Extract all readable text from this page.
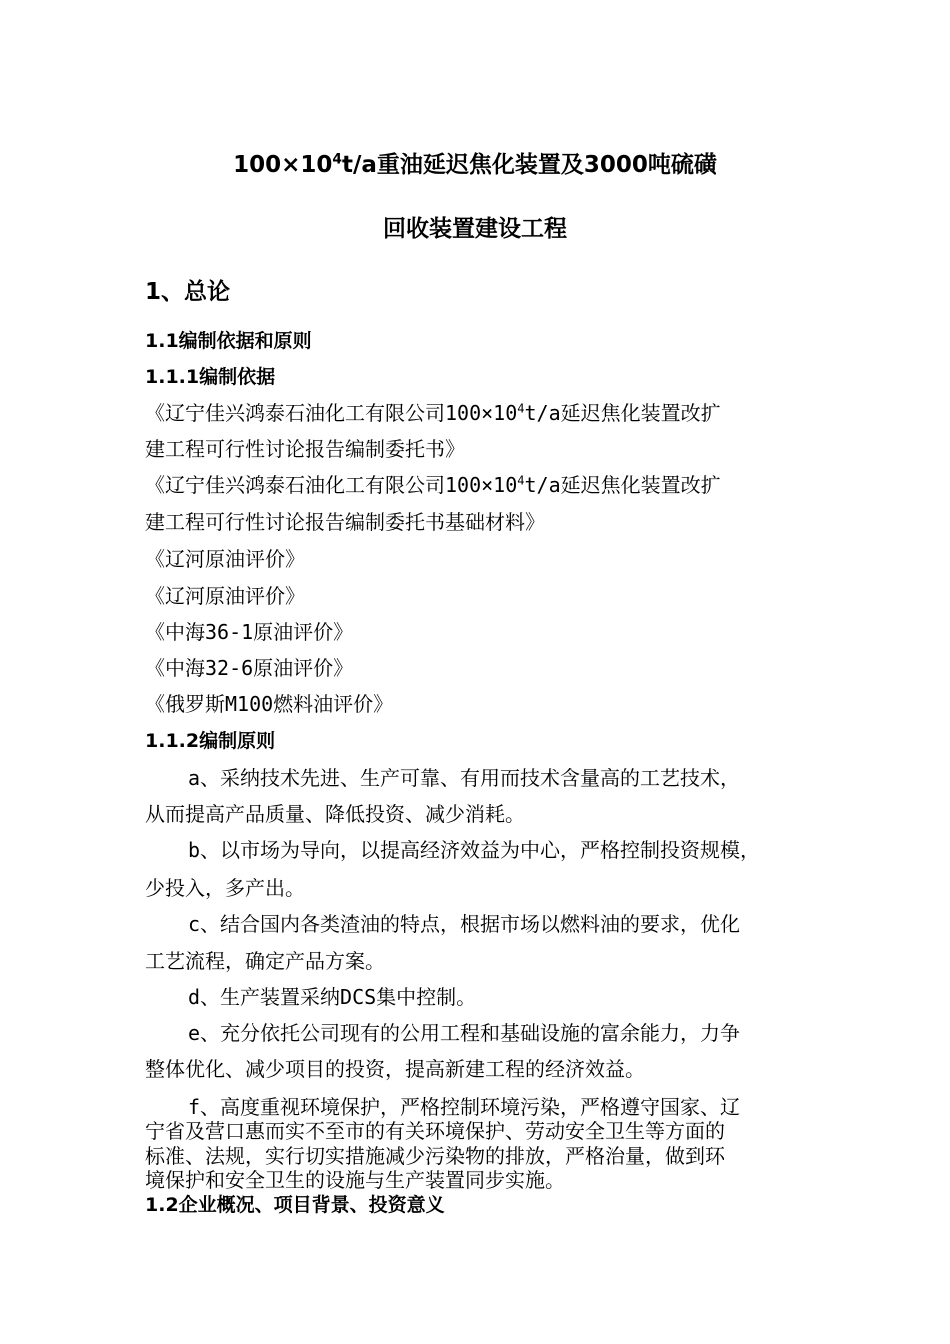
$100\times 10^4t/a$重油延迟焦化装置及3000吨硫磺
回收装置建设工程
1、总论
1.1编制依据和原则
1.1.1编制依据
《辽宁佳兴鸿泰石油化工有限公司$100\times 10^4t/a$延迟焦化装置改扩
建工程可行性讨论报告编制委托书》
《辽宁佳兴鸿泰石油化工有限公司$100\times 10^4t/a$延迟焦化装置改扩
建工程可行性讨论报告编制委托书基础材料》
《辽河原油评价》
《辽河原油评价》
《中海36-1原油评价》
《中海32-6原油评价》
《俄罗斯M100燃料油评价》
1.1.2编制原则
a、采纳技术先进、生产可靠、有用而技术含量高的工艺技术，
从而提高产品质量、降低投资、减少消耗。
b、以市场为导向，以提高经济效益为中心，严格控制投资规模，
少投入，多产出。
c、结合国内各类渣油的特点，根据市场以燃料油的要求，优化
工艺流程，确定产品方案。
d、生产装置采纳DCS集中控制。
e、充分依托公司现有的公用工程和基础设施的富余能力，力争
整体优化、减少项目的投资，提高新建工程的经济效益。
f、高度重视环境保护，严格控制环境污染，严格遵守国家、辽
宁省及营口惠而实不至市的有关环境保护、劳动安全卫生等方面的
标准、法规，实行切实措施减少污染物的排放，严格治量，做到环
境保护和安全卫生的设施与生产装置同步实施。
1.2企业概况、项目背景、投资意义
